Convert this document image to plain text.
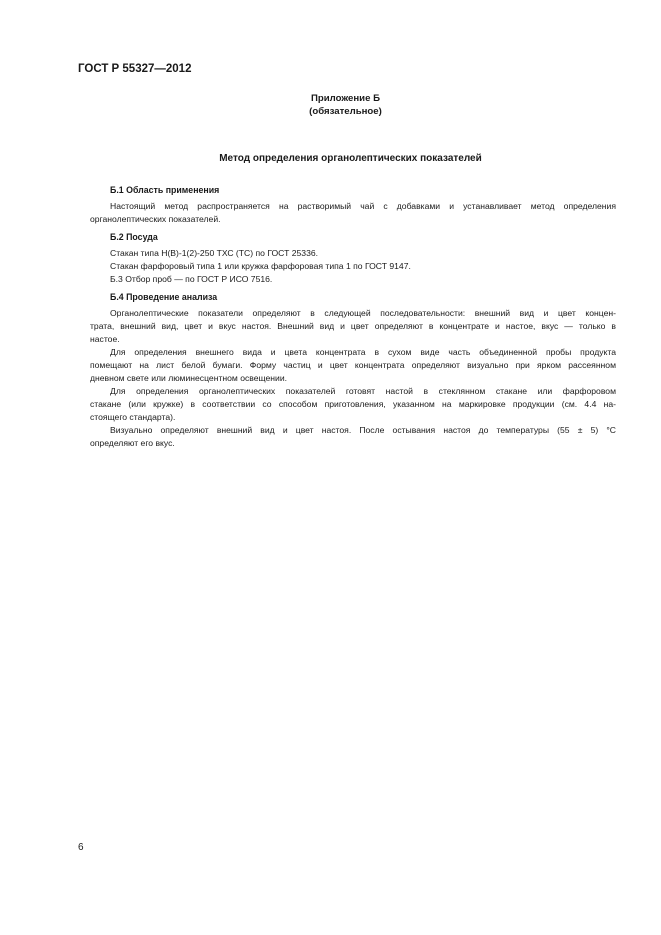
ГОСТ Р 55327—2012
Приложение Б
(обязательное)
Метод определения органолептических показателей
Б.1 Область применения
Настоящий метод распространяется на растворимый чай с добавками и устанавливает метод определения
органолептических показателей.
Б.2 Посуда
Стакан типа Н(В)-1(2)-250 ТХС (ТС) по ГОСТ 25336.
Стакан фарфоровый типа 1 или кружка фарфоровая типа 1 по ГОСТ 9147.
Б.3 Отбор проб — по ГОСТ Р ИСО 7516.
Б.4 Проведение анализа
Органолептические показатели определяют в следующей последовательности: внешний вид и цвет концен-
трата, внешний вид, цвет и вкус настоя. Внешний вид и цвет определяют в концентрате и настое, вкус — только в
настое.
Для определения внешнего вида и цвета концентрата в сухом виде часть объединенной пробы продукта
помещают на лист белой бумаги. Форму частиц и цвет концентрата определяют визуально при ярком рассеянном
дневном свете или люминесцентном освещении.
Для определения органолептических показателей готовят настой в стеклянном стакане или фарфоровом
стакане (или кружке) в соответствии со способом приготовления, указанном на маркировке продукции (см. 4.4 на-
стоящего стандарта).
Визуально определяют внешний вид и цвет настоя. После остывания настоя до температуры (55 ± 5) °С
определяют его вкус.
6
